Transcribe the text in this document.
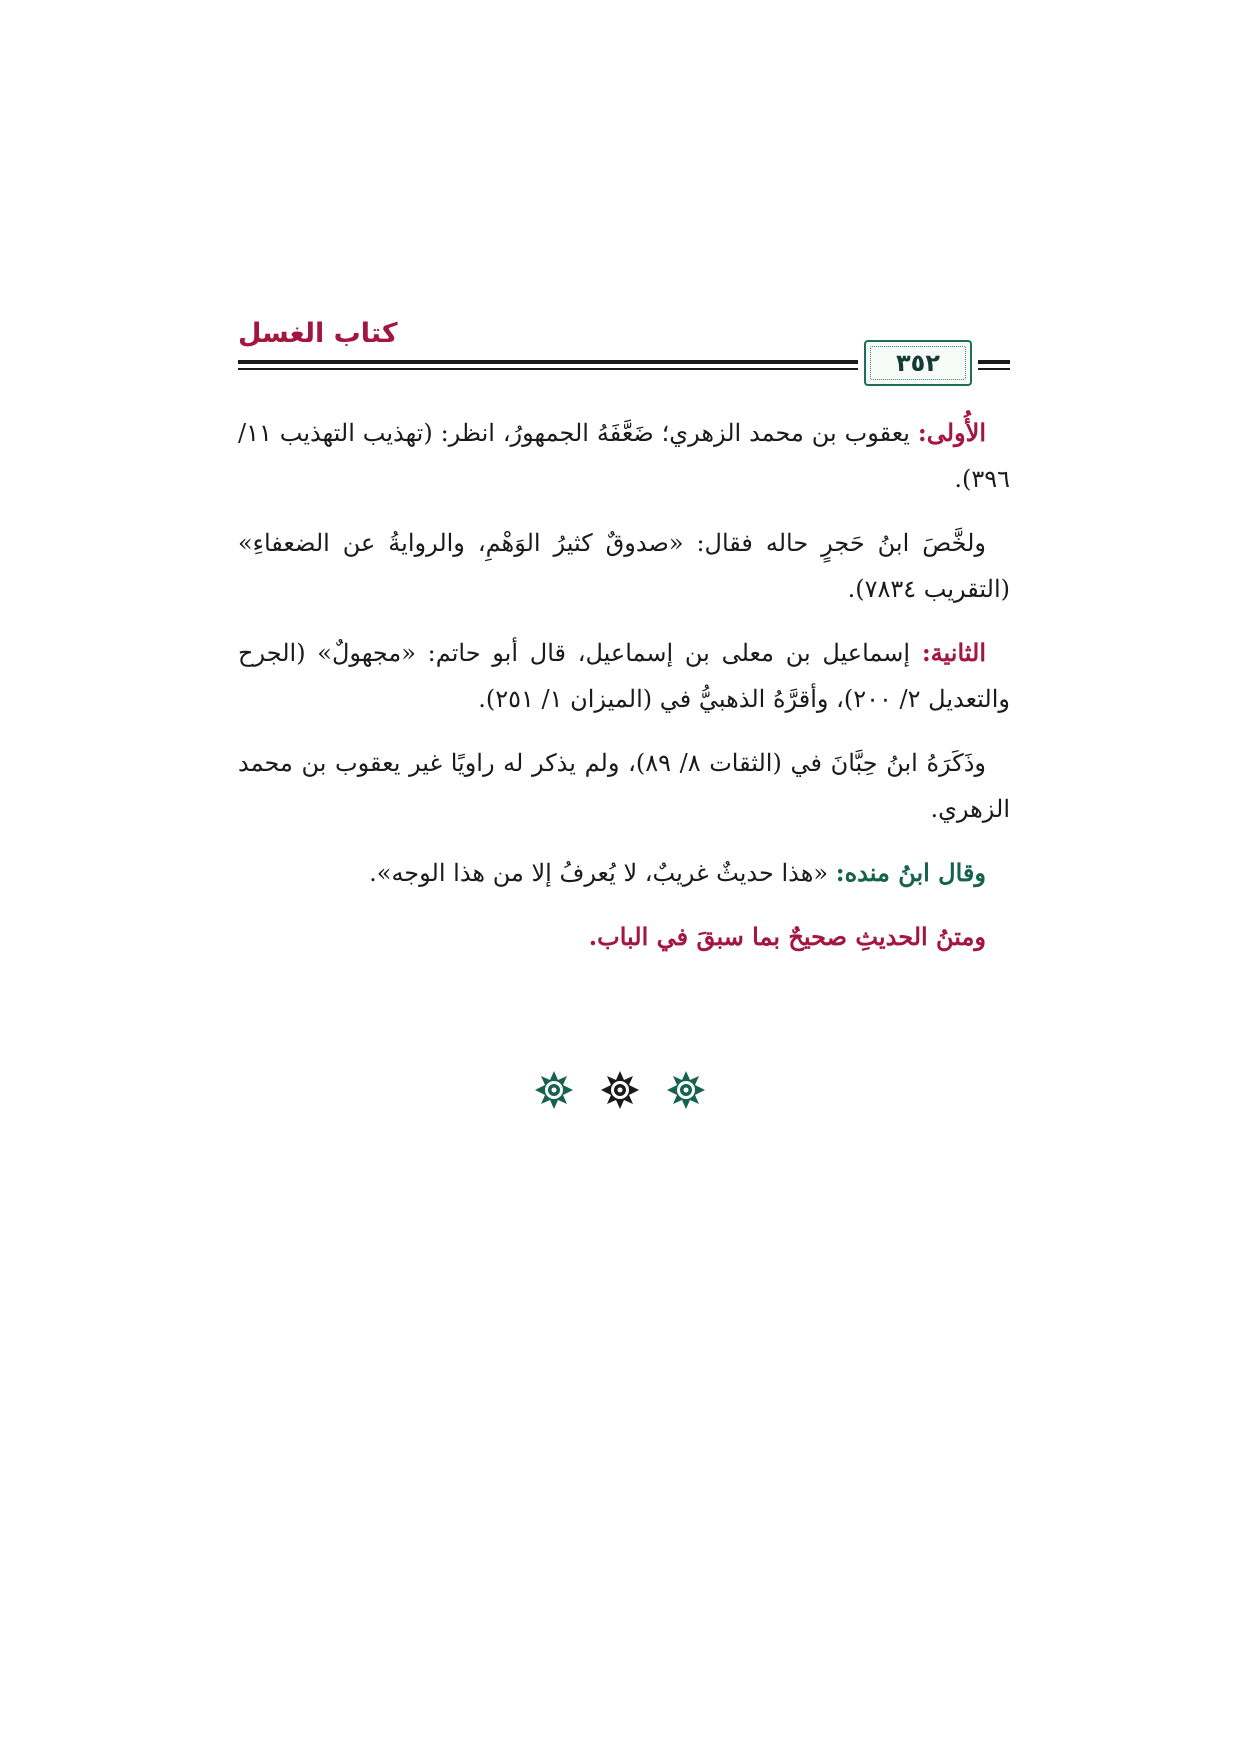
كتاب الغسل
٣٥٢

الأُولى: يعقوب بن محمد الزهري؛ ضَعَّفَهُ الجمهورُ، انظر: (تهذيب التهذيب ١١/ ٣٩٦).

ولخَّصَ ابنُ حَجرٍ حاله فقال: «صدوقٌ كثيرُ الوَهْمِ، والروايةُ عن الضعفاءِ» (التقريب ٧٨٣٤).

الثانية: إسماعيل بن معلى بن إسماعيل، قال أبو حاتم: «مجهولٌ» (الجرح والتعديل ٢/ ٢٠٠)، وأقرَّهُ الذهبيُّ في (الميزان ١/ ٢٥١).

وذَكَرَهُ ابنُ حِبَّانَ في (الثقات ٨/ ٨٩)، ولم يذكر له راويًا غير يعقوب بن محمد الزهري.

وقال ابنُ منده: «هذا حديثٌ غريبٌ، لا يُعرفُ إلا من هذا الوجه».

ومتنُ الحديثِ صحيحٌ بما سبقَ في الباب.
